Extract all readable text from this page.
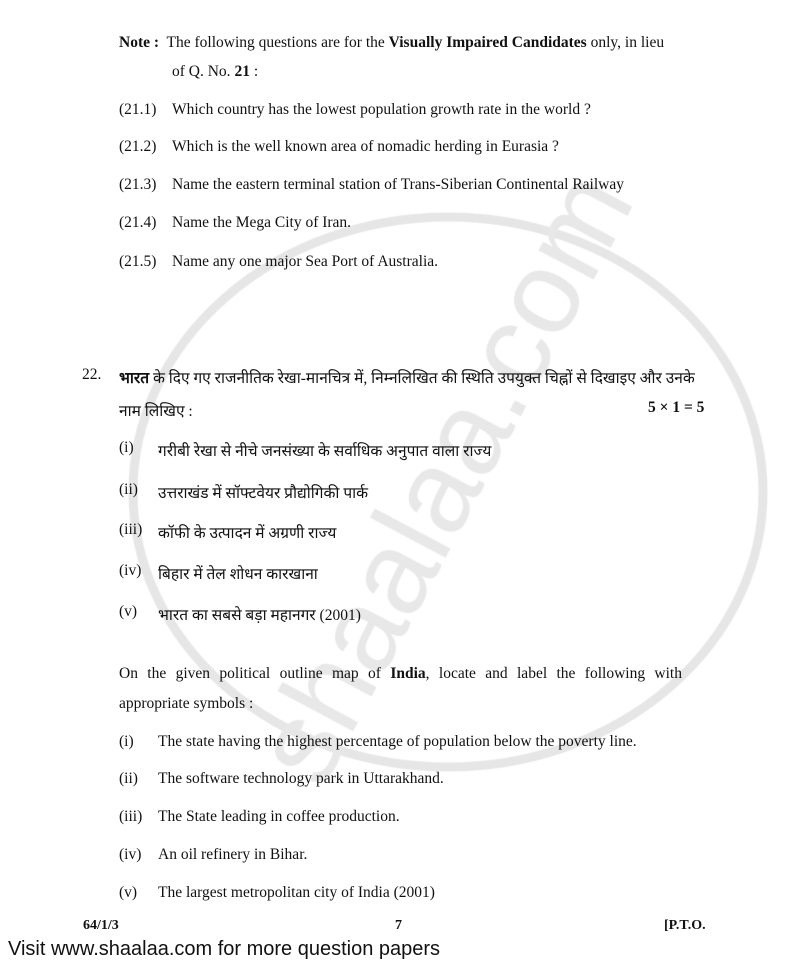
Note : The following questions are for the Visually Impaired Candidates only, in lieu
of Q. No. 21 :
(21.1) Which country has the lowest population growth rate in the world ?
(21.2) Which is the well known area of nomadic herding in Eurasia ?
(21.3) Name the eastern terminal station of Trans-Siberian Continental Railway
(21.4) Name the Mega City of Iran.
(21.5) Name any one major Sea Port of Australia.
22. भारत के दिए गए राजनीतिक रेखा-मानचित्र में, निम्नलिखित की स्थिति उपयुक्त चिह्नों से दिखाइए और उनके
नाम लिखिए :	5 × 1 = 5
(i) गरीबी रेखा से नीचे जनसंख्या के सर्वाधिक अनुपात वाला राज्य
(ii) उत्तराखंड में सॉफ्टवेयर प्रौद्योगिकी पार्क
(iii) कॉफी के उत्पादन में अग्रणी राज्य
(iv) बिहार में तेल शोधन कारखाना
(v) भारत का सबसे बड़ा महानगर (2001)
On the given political outline map of India, locate and label the following with
appropriate symbols :
(i) The state having the highest percentage of population below the poverty line.
(ii) The software technology park in Uttarakhand.
(iii) The State leading in coffee production.
(iv) An oil refinery in Bihar.
(v) The largest metropolitan city of India (2001)
64/1/3	7	[P.T.O.
Visit www.shaalaa.com for more question papers
